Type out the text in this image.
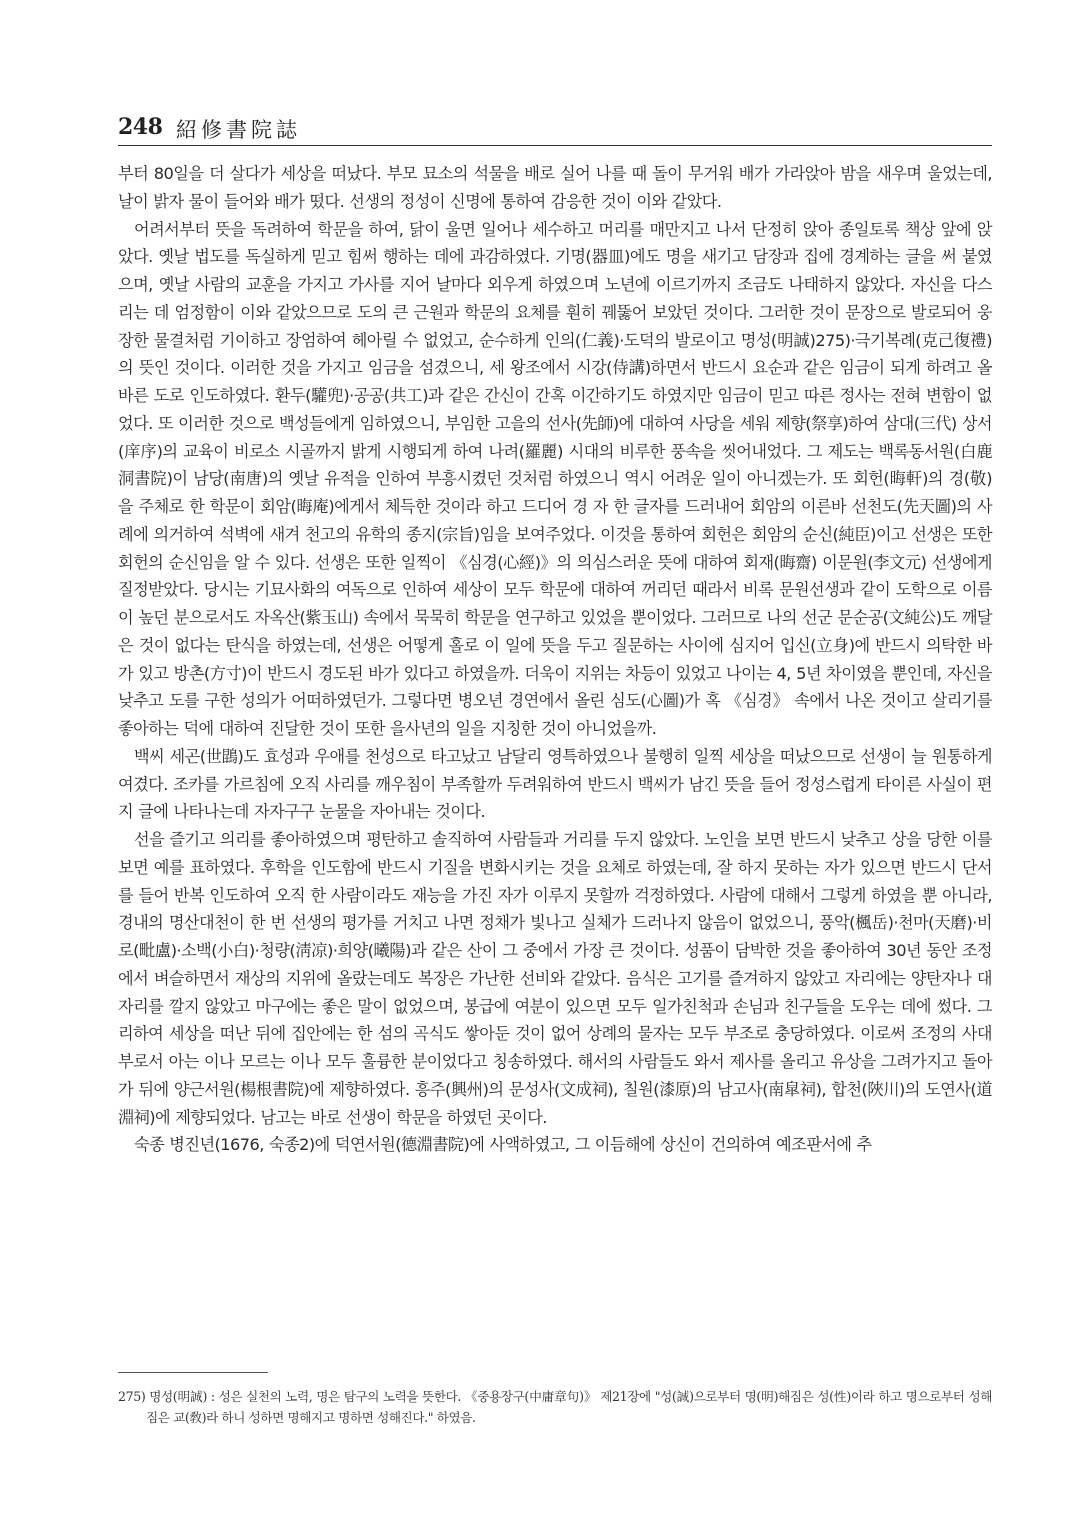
248 紹修書院誌

부터 80일을 더 살다가 세상을 떠났다. 부모 묘소의 석물을 배로 실어 나를 때 돌이 무거워 배가 가라앉아 밤을 새우며 울었는데, 날이 밝자 물이 들어와 배가 떴다. 선생의 정성이 신명에 통하여 감응한 것이 이와 같았다.

어려서부터 뜻을 독려하여 학문을 하여, 닭이 울면 일어나 세수하고 머리를 매만지고 나서 단정히 앉아 종일토록 책상 앞에 앉았다. 옛날 법도를 독실하게 믿고 힘써 행하는 데에 과감하였다. 기명(器皿)에도 명을 새기고 담장과 집에 경계하는 글을 써 붙였으며, 옛날 사람의 교훈을 가지고 가사를 지어 날마다 외우게 하였으며 노년에 이르기까지 조금도 나태하지 않았다. 자신을 다스리는 데 엄정함이 이와 같았으므로 도의 큰 근원과 학문의 요체를 훤히 꿰뚫어 보았던 것이다. 그러한 것이 문장으로 발로되어 웅장한 물결처럼 기이하고 장엄하여 헤아릴 수 없었고, 순수하게 인의(仁義)·도덕의 발로이고 명성(明誠)275)·극기복례(克己復禮)의 뜻인 것이다. 이러한 것을 가지고 임금을 섬겼으니, 세 왕조에서 시강(侍講)하면서 반드시 요순과 같은 임금이 되게 하려고 올바른 도로 인도하였다. 환두(驩兜)·공공(共工)과 같은 간신이 간혹 이간하기도 하였지만 임금이 믿고 따른 정사는 전혀 변함이 없었다. 또 이러한 것으로 백성들에게 임하였으니, 부임한 고을의 선사(先師)에 대하여 사당을 세워 제향(祭享)하여 삼대(三代) 상서(庠序)의 교육이 비로소 시골까지 밝게 시행되게 하여 나려(羅麗) 시대의 비루한 풍속을 씻어내었다. 그 제도는 백록동서원(白鹿洞書院)이 남당(南唐)의 옛날 유적을 인하여 부흥시켰던 것처럼 하였으니 역시 어려운 일이 아니겠는가. 또 회헌(晦軒)의 경(敬)을 주체로 한 학문이 회암(晦庵)에게서 체득한 것이라 하고 드디어 경 자 한 글자를 드러내어 회암의 이른바 선천도(先天圖)의 사례에 의거하여 석벽에 새겨 천고의 유학의 종지(宗旨)임을 보여주었다. 이것을 통하여 회헌은 회암의 순신(純臣)이고 선생은 또한 회헌의 순신임을 알 수 있다. 선생은 또한 일찍이 《심경(心經)》의 의심스러운 뜻에 대하여 회재(晦齋) 이문원(李文元) 선생에게 질정받았다. 당시는 기묘사화의 여독으로 인하여 세상이 모두 학문에 대하여 꺼리던 때라서 비록 문원선생과 같이 도학으로 이름이 높던 분으로서도 자옥산(紫玉山) 속에서 묵묵히 학문을 연구하고 있었을 뿐이었다. 그러므로 나의 선군 문순공(文純公)도 깨달은 것이 없다는 탄식을 하였는데, 선생은 어떻게 홀로 이 일에 뜻을 두고 질문하는 사이에 심지어 입신(立身)에 반드시 의탁한 바가 있고 방촌(方寸)이 반드시 경도된 바가 있다고 하였을까. 더욱이 지위는 차등이 있었고 나이는 4, 5년 차이였을 뿐인데, 자신을 낮추고 도를 구한 성의가 어떠하였던가. 그렇다면 병오년 경연에서 올린 심도(心圖)가 혹 《심경》 속에서 나온 것이고 살리기를 좋아하는 덕에 대하여 진달한 것이 또한 을사년의 일을 지칭한 것이 아니었을까.

백씨 세곤(世鵾)도 효성과 우애를 천성으로 타고났고 남달리 영특하였으나 불행히 일찍 세상을 떠났으므로 선생이 늘 원통하게 여겼다. 조카를 가르침에 오직 사리를 깨우침이 부족할까 두려워하여 반드시 백씨가 남긴 뜻을 들어 정성스럽게 타이른 사실이 편지 글에 나타나는데 자자구구 눈물을 자아내는 것이다.

선을 즐기고 의리를 좋아하였으며 평탄하고 솔직하여 사람들과 거리를 두지 않았다. 노인을 보면 반드시 낮추고 상을 당한 이를 보면 예를 표하였다. 후학을 인도함에 반드시 기질을 변화시키는 것을 요체로 하였는데, 잘 하지 못하는 자가 있으면 반드시 단서를 들어 반복 인도하여 오직 한 사람이라도 재능을 가진 자가 이루지 못할까 걱정하였다. 사람에 대해서 그렇게 하였을 뿐 아니라, 경내의 명산대천이 한 번 선생의 평가를 거치고 나면 정채가 빛나고 실체가 드러나지 않음이 없었으니, 풍악(楓岳)·천마(天磨)·비로(毗盧)·소백(小白)·청량(淸凉)·희양(曦陽)과 같은 산이 그 중에서 가장 큰 것이다. 성품이 담박한 것을 좋아하여 30년 동안 조정에서 벼슬하면서 재상의 지위에 올랐는데도 복장은 가난한 선비와 같았다. 음식은 고기를 즐겨하지 않았고 자리에는 양탄자나 대자리를 깔지 않았고 마구에는 좋은 말이 없었으며, 봉급에 여분이 있으면 모두 일가친척과 손님과 친구들을 도우는 데에 썼다. 그리하여 세상을 떠난 뒤에 집안에는 한 섬의 곡식도 쌓아둔 것이 없어 상례의 물자는 모두 부조로 충당하였다. 이로써 조정의 사대부로서 아는 이나 모르는 이나 모두 훌륭한 분이었다고 칭송하였다. 해서의 사람들도 와서 제사를 올리고 유상을 그려가지고 돌아가 뒤에 양근서원(楊根書院)에 제향하였다. 흥주(興州)의 문성사(文成祠), 칠원(漆原)의 남고사(南皐祠), 합천(陜川)의 도연사(道淵祠)에 제향되었다. 남고는 바로 선생이 학문을 하였던 곳이다.

숙종 병진년(1676, 숙종2)에 덕연서원(德淵書院)에 사액하였고, 그 이듬해에 상신이 건의하여 예조판서에 추

275) 명성(明誠) : 성은 실천의 노력, 명은 탐구의 노력을 뜻한다. 《중용장구(中庸章句)》 제21장에 "성(誠)으로부터 명(明)해짐은 성(性)이라 하고 명으로부터 성해짐은 교(敎)라 하니 성하면 명해지고 명하면 성해진다." 하였음.
